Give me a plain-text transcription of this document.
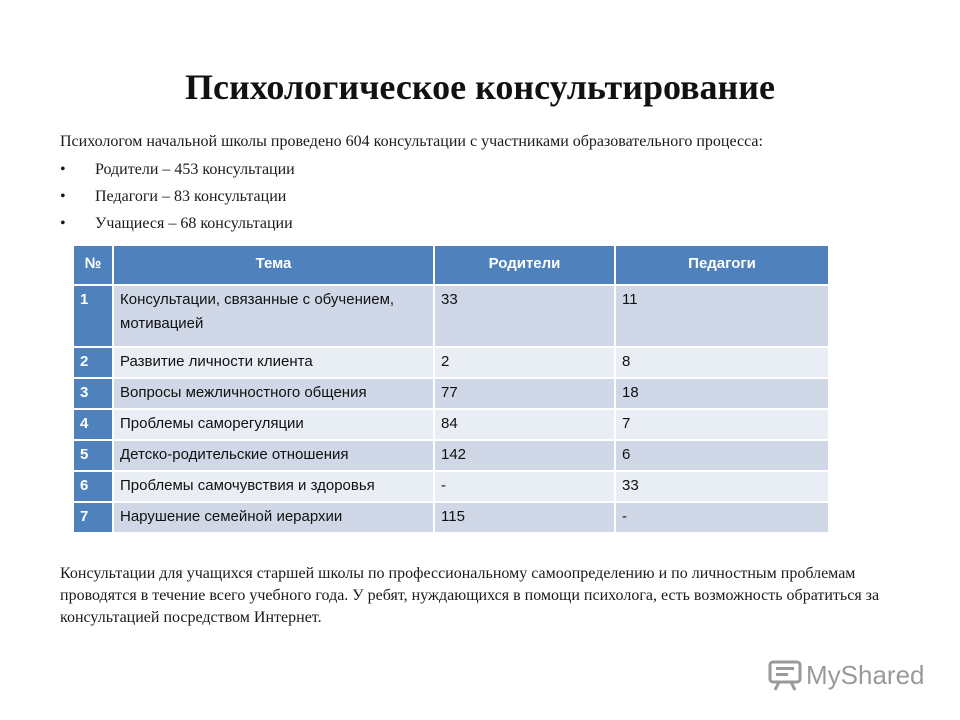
Психологическое консультирование
Психологом начальной школы проведено 604 консультации с участниками образовательного процесса:
•	Родители – 453 консультации
•	Педагоги – 83 консультации
•	Учащиеся – 68 консультации
№	Тема	Родители	Педагоги
1	Консультации, связанные с обучением, мотивацией	33	11
2	Развитие личности клиента	2	8
3	Вопросы межличностного общения	77	18
4	Проблемы саморегуляции	84	7
5	Детско-родительские отношения	142	6
6	Проблемы самочувствия и здоровья	-	33
7	Нарушение семейной иерархии	115	-
Консультации для учащихся старшей школы по профессиональному самоопределению и по личностным проблемам проводятся в течение всего учебного года. У ребят, нуждающихся в помощи психолога, есть возможность обратиться за консультацией посредством Интернет.
MyShared
